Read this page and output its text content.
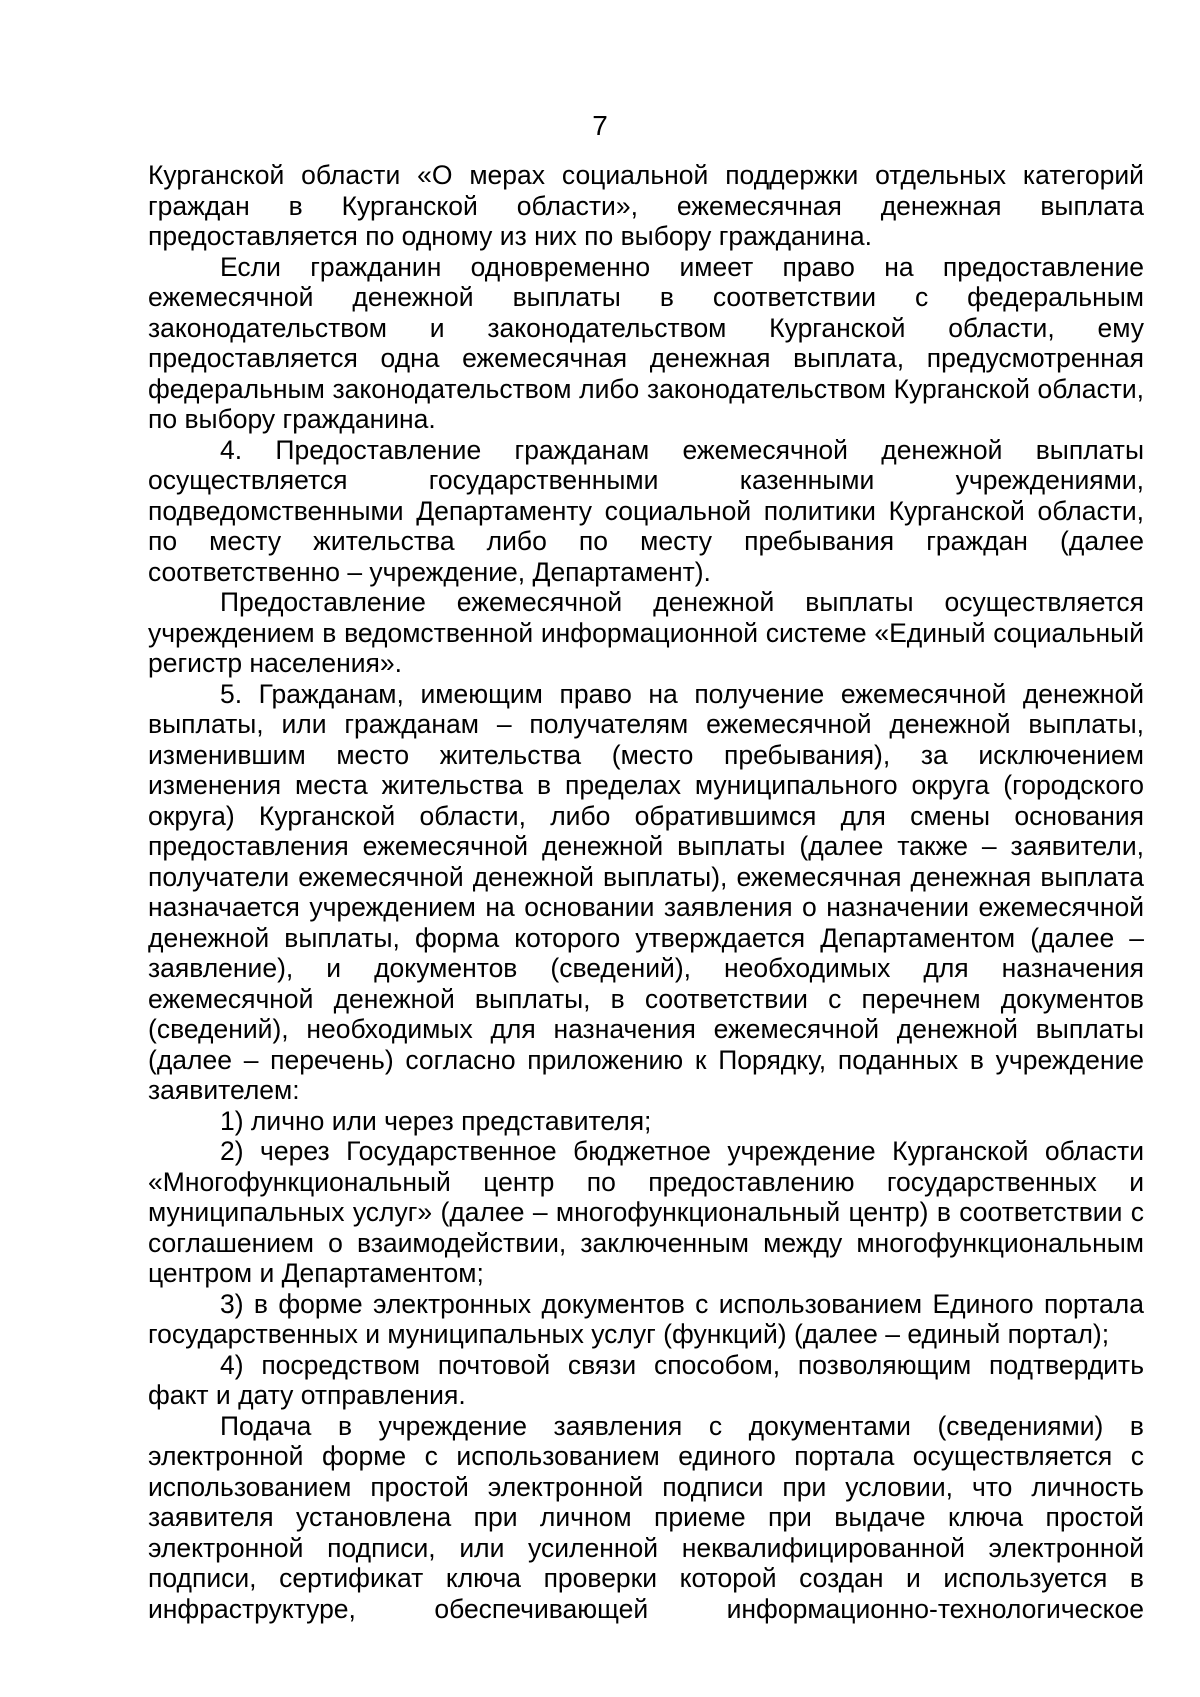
7

Курганской области «О мерах социальной поддержки отдельных категорий граждан в Курганской области», ежемесячная денежная выплата предоставляется по одному из них по выбору гражданина.

Если гражданин одновременно имеет право на предоставление ежемесячной денежной выплаты в соответствии с федеральным законодательством и законодательством Курганской области, ему предоставляется одна ежемесячная денежная выплата, предусмотренная федеральным законодательством либо законодательством Курганской области, по выбору гражданина.

4. Предоставление гражданам ежемесячной денежной выплаты осуществляется государственными казенными учреждениями, подведомственными Департаменту социальной политики Курганской области, по месту жительства либо по месту пребывания граждан (далее соответственно – учреждение, Департамент).

Предоставление ежемесячной денежной выплаты осуществляется учреждением в ведомственной информационной системе «Единый социальный регистр населения».

5. Гражданам, имеющим право на получение ежемесячной денежной выплаты, или гражданам – получателям ежемесячной денежной выплаты, изменившим место жительства (место пребывания), за исключением изменения места жительства в пределах муниципального округа (городского округа) Курганской области, либо обратившимся для смены основания предоставления ежемесячной денежной выплаты (далее также – заявители, получатели ежемесячной денежной выплаты), ежемесячная денежная выплата назначается учреждением на основании заявления о назначении ежемесячной денежной выплаты, форма которого утверждается Департаментом (далее – заявление), и документов (сведений), необходимых для назначения ежемесячной денежной выплаты, в соответствии с перечнем документов (сведений), необходимых для назначения ежемесячной денежной выплаты (далее – перечень) согласно приложению к Порядку, поданных в учреждение заявителем:

1) лично или через представителя;

2) через Государственное бюджетное учреждение Курганской области «Многофункциональный центр по предоставлению государственных и муниципальных услуг» (далее – многофункциональный центр) в соответствии с соглашением о взаимодействии, заключенным между многофункциональным центром и Департаментом;

3) в форме электронных документов с использованием Единого портала государственных и муниципальных услуг (функций) (далее – единый портал);

4) посредством почтовой связи способом, позволяющим подтвердить факт и дату отправления.

Подача в учреждение заявления с документами (сведениями) в электронной форме с использованием единого портала осуществляется с использованием простой электронной подписи при условии, что личность заявителя установлена при личном приеме при выдаче ключа простой электронной подписи, или усиленной неквалифицированной электронной подписи, сертификат ключа проверки которой создан и используется в инфраструктуре, обеспечивающей информационно-технологическое
